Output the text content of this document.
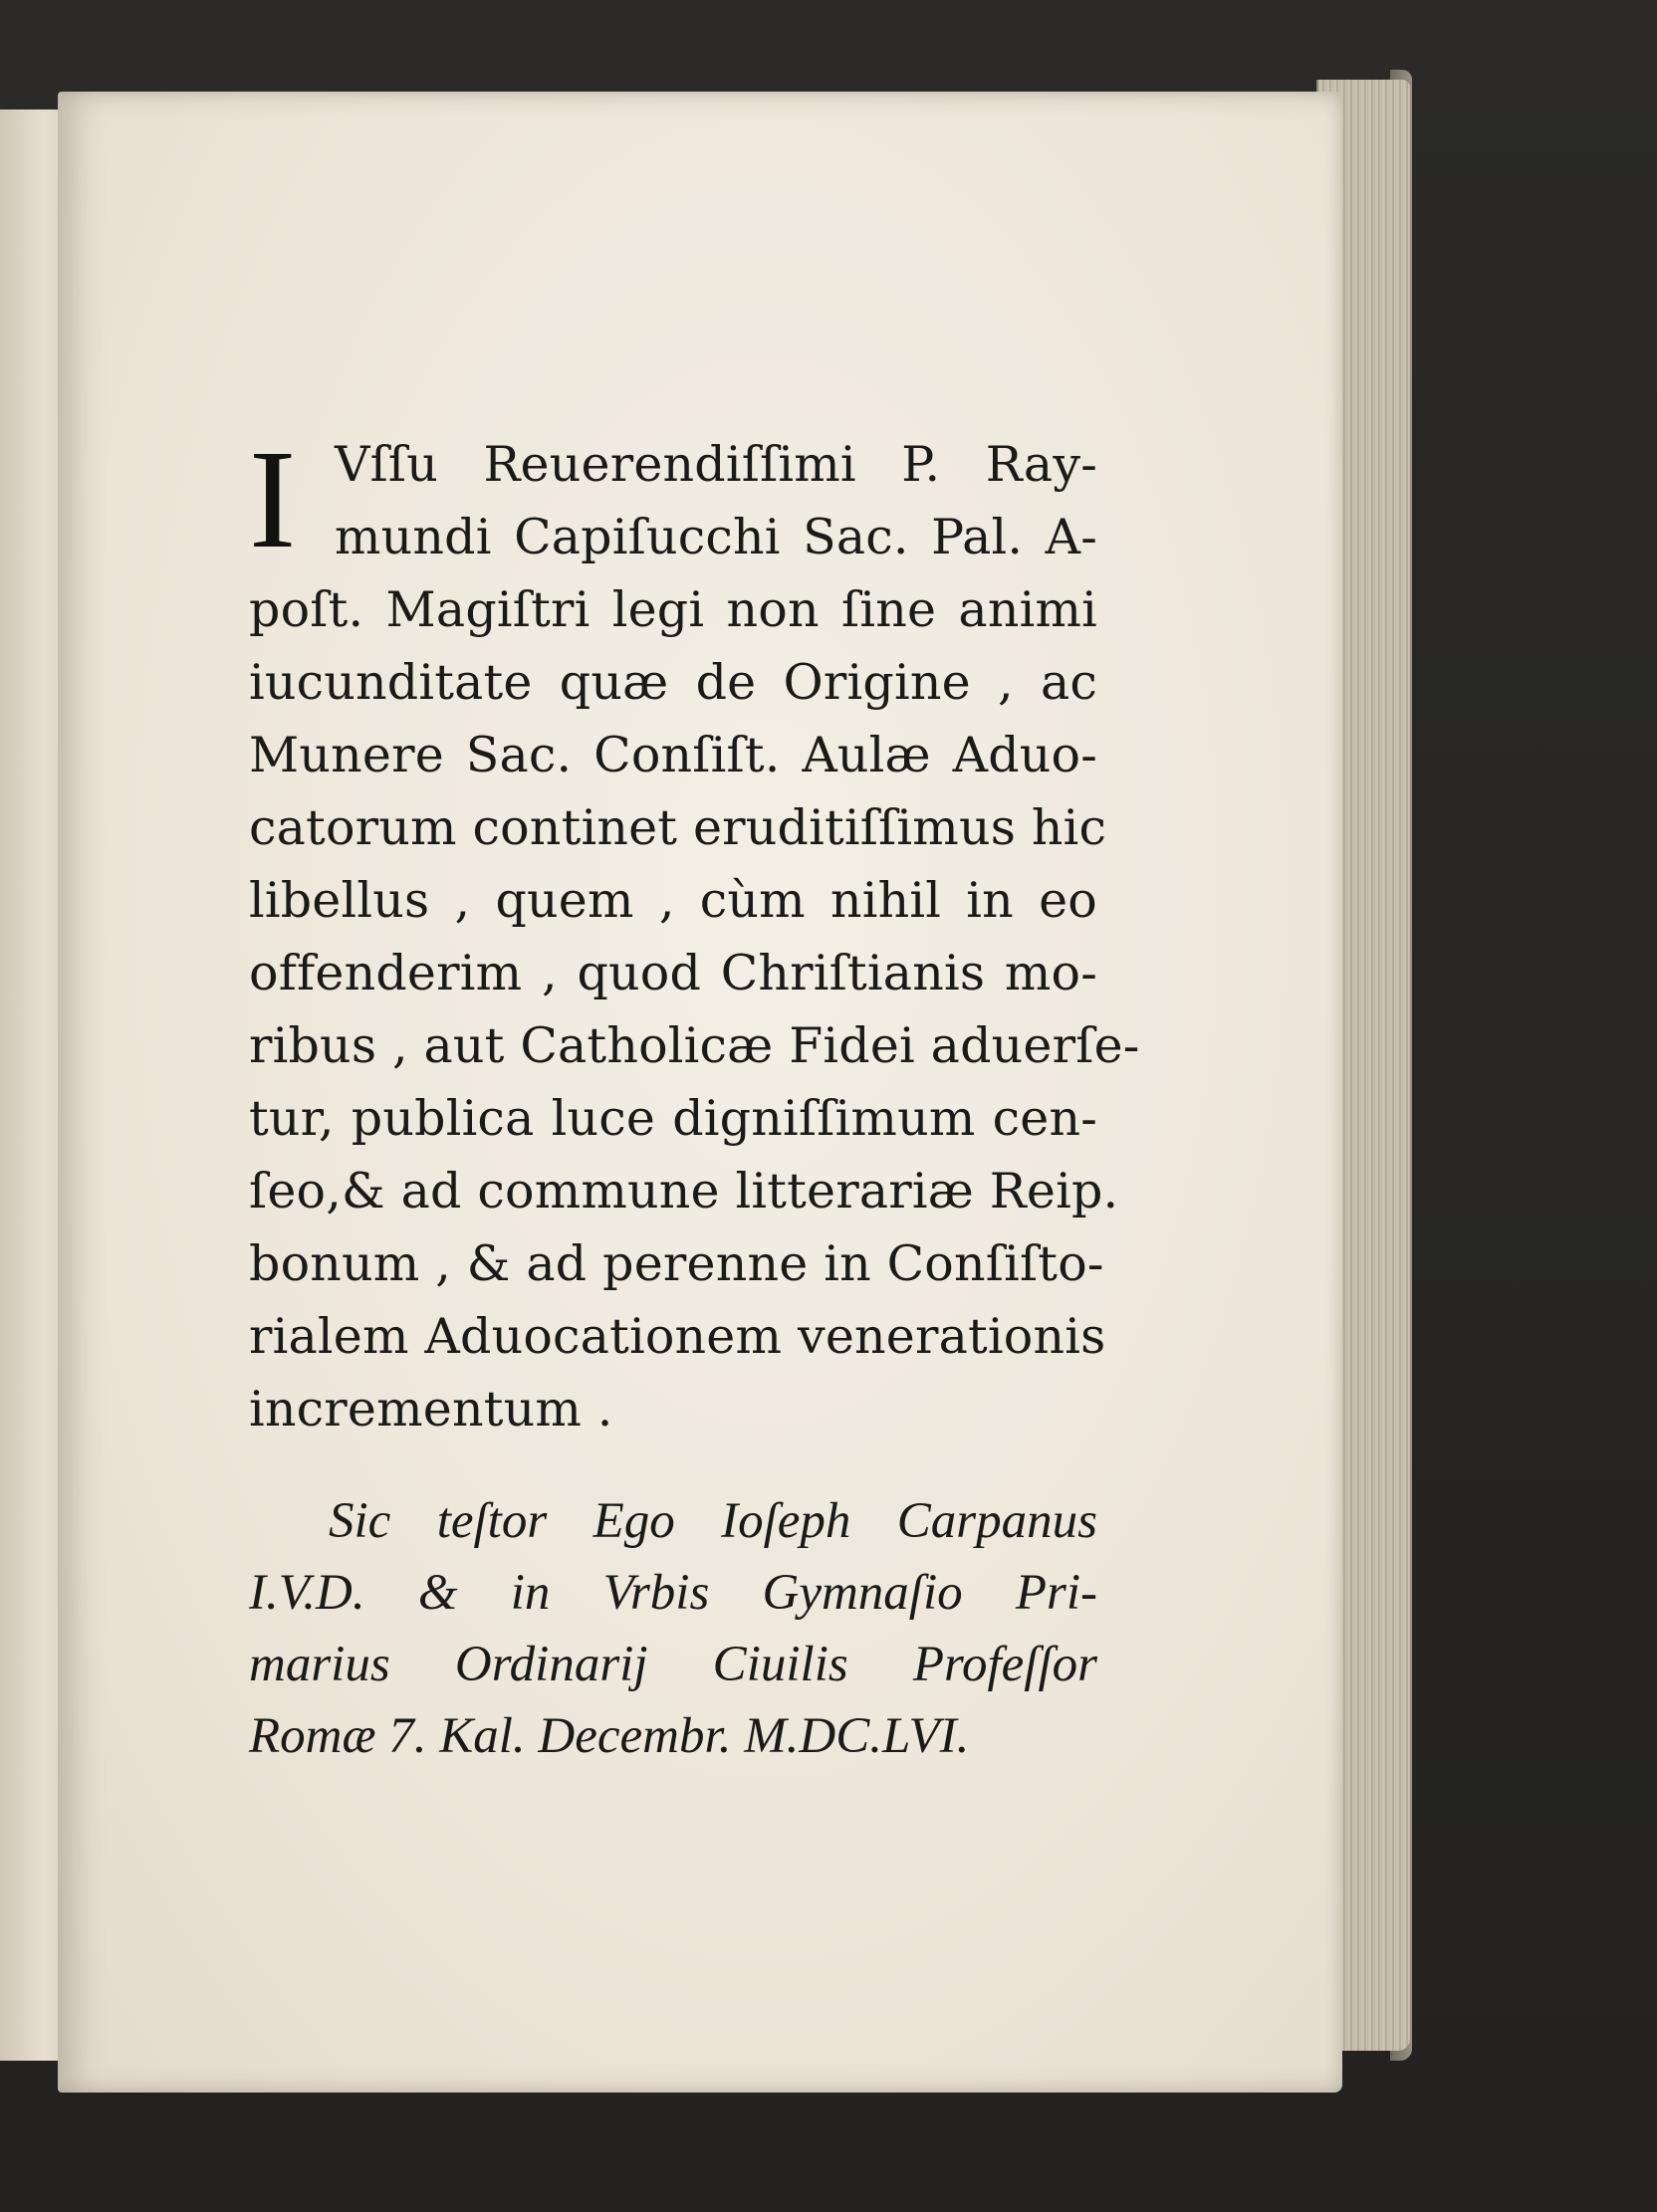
I Vſſu Reuerendiſſimi P. Ray-
mundi Capiſucchi Sac. Pal. A-
poſt. Magiſtri legi non ſine animi
iucunditate quæ de Origine , ac
Munere Sac. Conſiſt. Aulæ Aduo-
catorum continet eruditiſſimus hic
libellus , quem , cùm nihil in eo
offenderim , quod Chriſtianis mo-
ribus , aut Catholicæ Fidei aduerſe-
tur, publica luce digniſſimum cen-
ſeo,& ad commune litterariæ Reip.
bonum , & ad perenne in Conſiſto-
rialem Aduocationem venerationis
incrementum .
Sic teſtor Ego Ioſeph Carpanus
I.V.D. & in Vrbis Gymnaſio Pri-
marius Ordinarij Ciuilis Profeſſor
Romæ 7. Kal. Decembr. M.DC.LVI.
